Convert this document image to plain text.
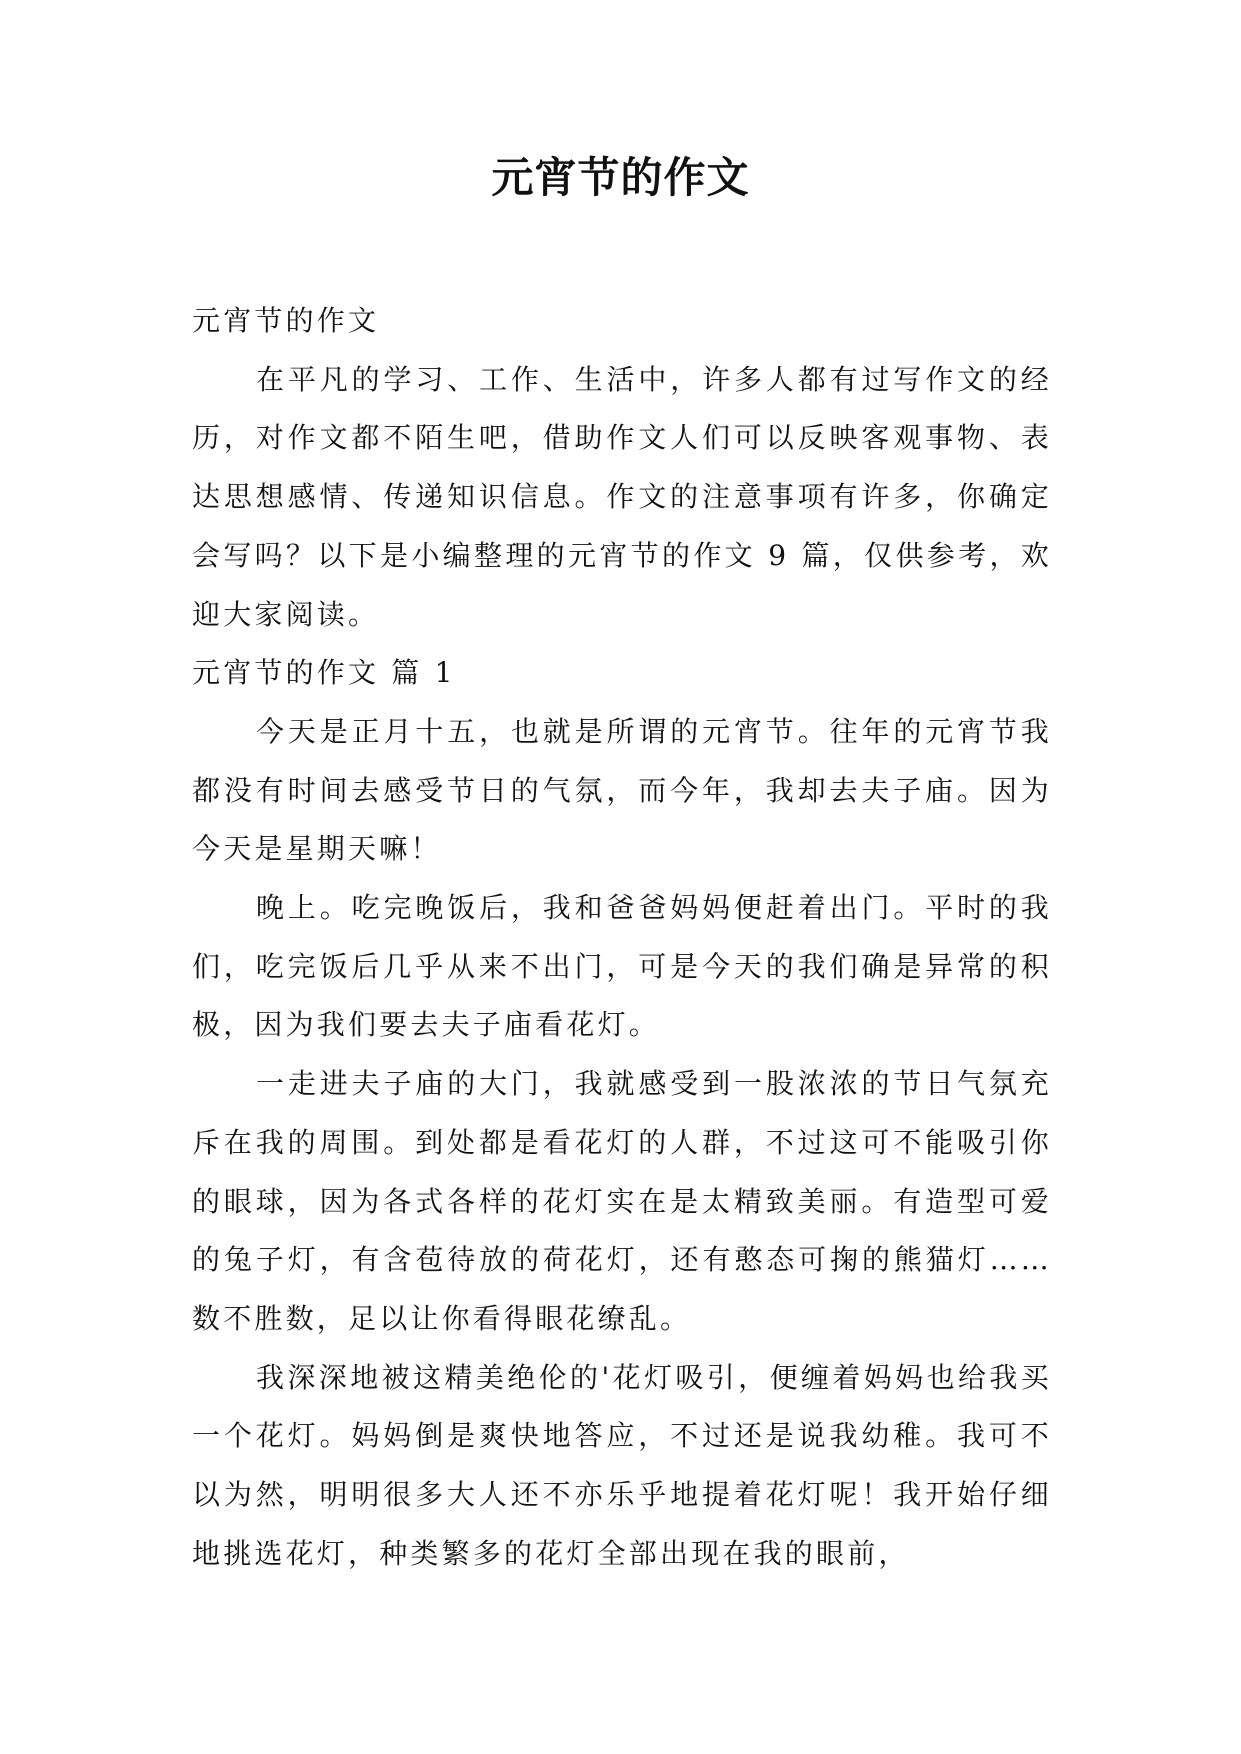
元宵节的作文

元宵节的作文

在平凡的学习、工作、生活中，许多人都有过写作文的经历，对作文都不陌生吧，借助作文人们可以反映客观事物、表达思想感情、传递知识信息。作文的注意事项有许多，你确定会写吗？以下是小编整理的元宵节的作文 9 篇，仅供参考，欢迎大家阅读。

元宵节的作文 篇 1

今天是正月十五，也就是所谓的元宵节。往年的元宵节我都没有时间去感受节日的气氛，而今年，我却去夫子庙。因为今天是星期天嘛！

晚上。吃完晚饭后，我和爸爸妈妈便赶着出门。平时的我们，吃完饭后几乎从来不出门，可是今天的我们确是异常的积极，因为我们要去夫子庙看花灯。

一走进夫子庙的大门，我就感受到一股浓浓的节日气氛充斥在我的周围。到处都是看花灯的人群，不过这可不能吸引你的眼球，因为各式各样的花灯实在是太精致美丽。有造型可爱的兔子灯，有含苞待放的荷花灯，还有憨态可掬的熊猫灯……数不胜数，足以让你看得眼花缭乱。

我深深地被这精美绝伦的'花灯吸引，便缠着妈妈也给我买一个花灯。妈妈倒是爽快地答应，不过还是说我幼稚。我可不以为然，明明很多大人还不亦乐乎地提着花灯呢！我开始仔细地挑选花灯，种类繁多的花灯全部出现在我的眼前，
